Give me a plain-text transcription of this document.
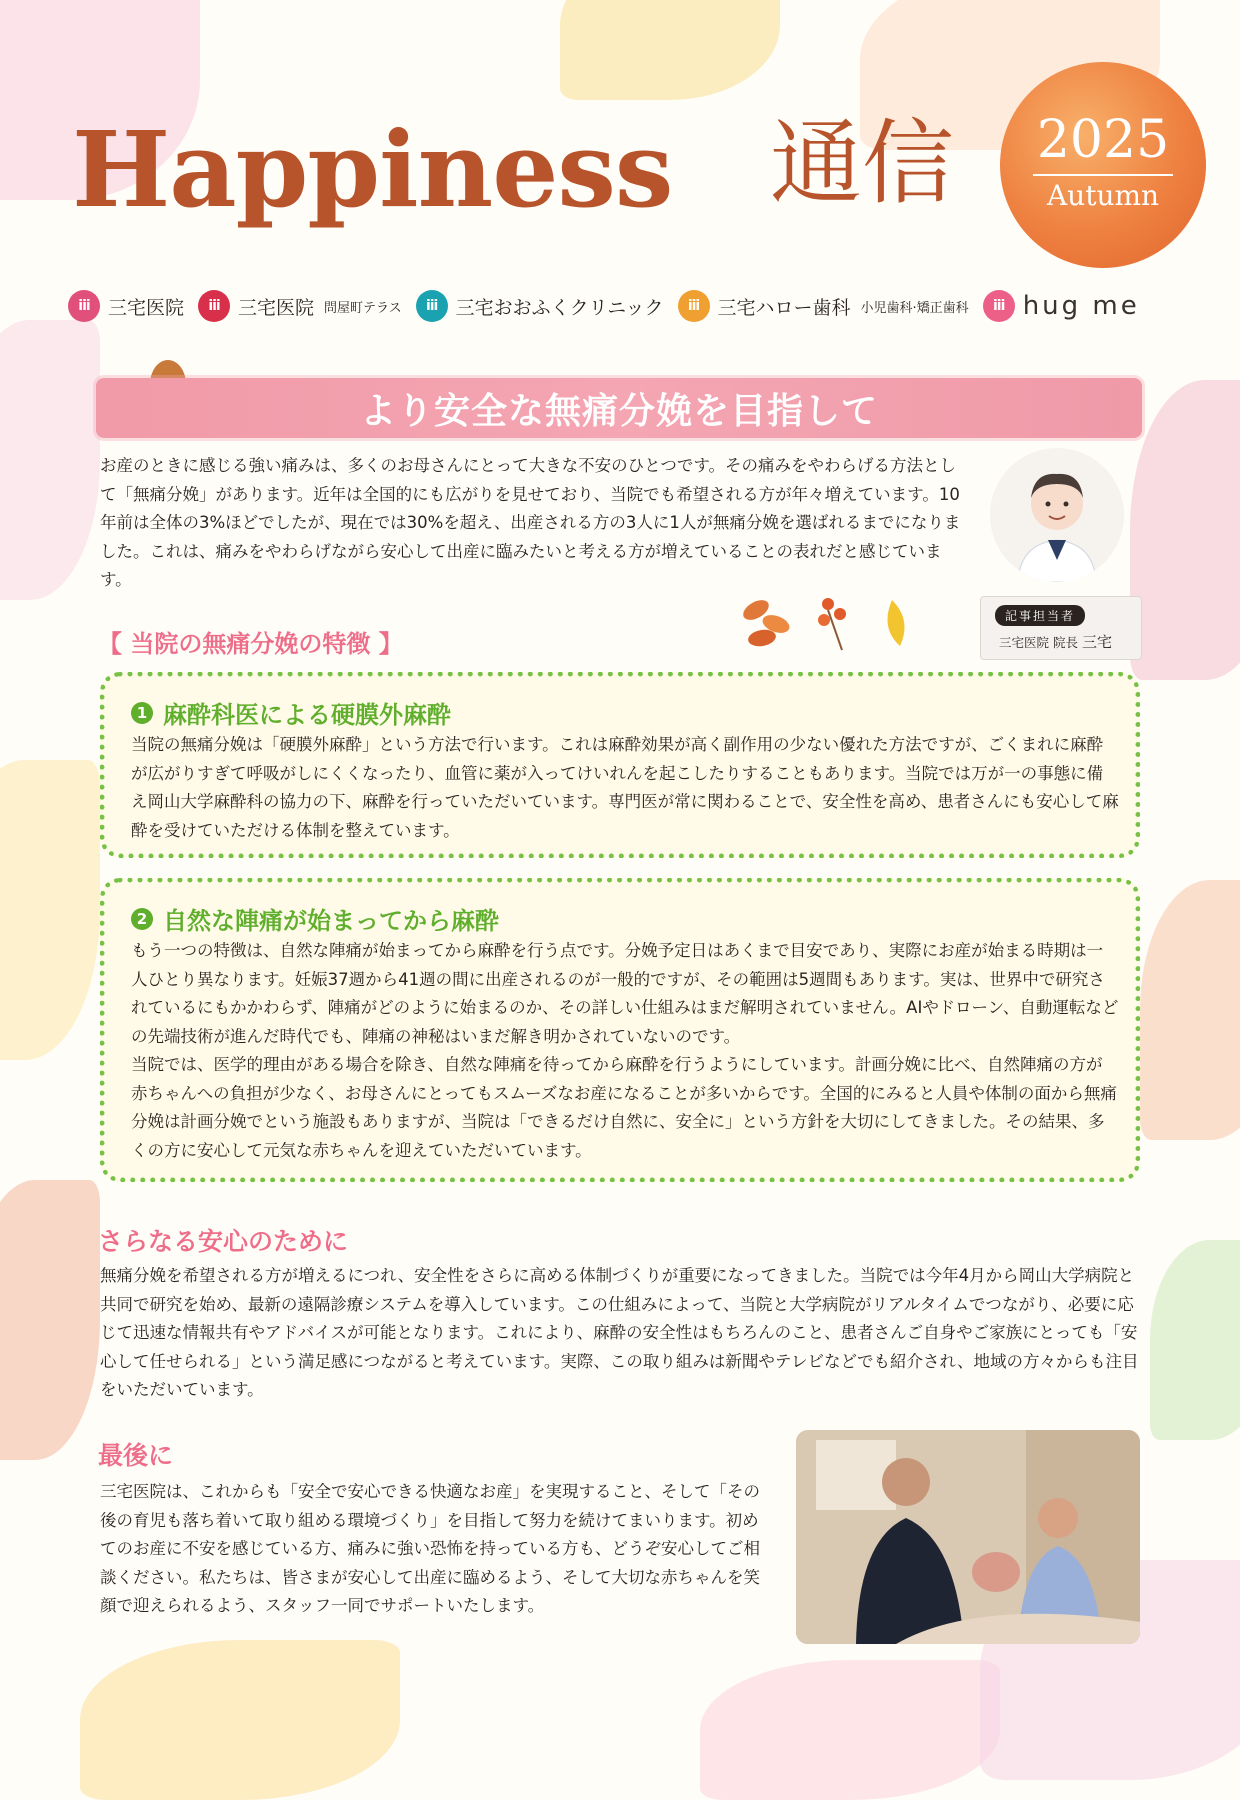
Happiness 通信	2025
Autumn
iii 三宅医院	iii 三宅医院 問屋町テラス	iii 三宅おおふくクリニック	iii 三宅ハロー歯科 小児歯科·矯正歯科	iii hug me
より安全な無痛分娩を目指して

お産のときに感じる強い痛みは、多くのお母さんにとって大きな不安のひとつです。その痛みをやわらげる方法として「無痛分娩」があります。近年は全国的にも広がりを見せており、当院でも希望される方が年々増えています。10年前は全体の3%ほどでしたが、現在では30%を超え、出産される方の3人に1人が無痛分娩を選ばれるまでになりました。これは、痛みをやわらげながら安心して出産に臨みたいと考える方が増えていることの表れだと感じています。

記事担当者
三宅医院 院長 三宅
【 当院の無痛分娩の特徴 】
1 麻酔科医による硬膜外麻酔

当院の無痛分娩は「硬膜外麻酔」という方法で行います。これは麻酔効果が高く副作用の少ない優れた方法ですが、ごくまれに麻酔が広がりすぎて呼吸がしにくくなったり、血管に薬が入ってけいれんを起こしたりすることもあります。当院では万が一の事態に備え岡山大学麻酔科の協力の下、麻酔を行っていただいています。専門医が常に関わることで、安全性を高め、患者さんにも安心して麻酔を受けていただける体制を整えています。

2 自然な陣痛が始まってから麻酔

もう一つの特徴は、自然な陣痛が始まってから麻酔を行う点です。分娩予定日はあくまで目安であり、実際にお産が始まる時期は一人ひとり異なります。妊娠37週から41週の間に出産されるのが一般的ですが、その範囲は5週間もあります。実は、世界中で研究されているにもかかわらず、陣痛がどのように始まるのか、その詳しい仕組みはまだ解明されていません。AIやドローン、自動運転などの先端技術が進んだ時代でも、陣痛の神秘はいまだ解き明かされていないのです。

当院では、医学的理由がある場合を除き、自然な陣痛を待ってから麻酔を行うようにしています。計画分娩に比べ、自然陣痛の方が赤ちゃんへの負担が少なく、お母さんにとってもスムーズなお産になることが多いからです。全国的にみると人員や体制の面から無痛分娩は計画分娩でという施設もありますが、当院は「できるだけ自然に、安全に」という方針を大切にしてきました。その結果、多くの方に安心して元気な赤ちゃんを迎えていただいています。

さらなる安心のために

無痛分娩を希望される方が増えるにつれ、安全性をさらに高める体制づくりが重要になってきました。当院では今年4月から岡山大学病院と共同で研究を始め、最新の遠隔診療システムを導入しています。この仕組みによって、当院と大学病院がリアルタイムでつながり、必要に応じて迅速な情報共有やアドバイスが可能となります。これにより、麻酔の安全性はもちろんのこと、患者さんご自身やご家族にとっても「安心して任せられる」という満足感につながると考えています。実際、この取り組みは新聞やテレビなどでも紹介され、地域の方々からも注目をいただいています。

最後に

三宅医院は、これからも「安全で安心できる快適なお産」を実現すること、そして「その後の育児も落ち着いて取り組める環境づくり」を目指して努力を続けてまいります。初めてのお産に不安を感じている方、痛みに強い恐怖を持っている方も、どうぞ安心してご相談ください。私たちは、皆さまが安心して出産に臨めるよう、そして大切な赤ちゃんを笑顔で迎えられるよう、スタッフ一同でサポートいたします。
